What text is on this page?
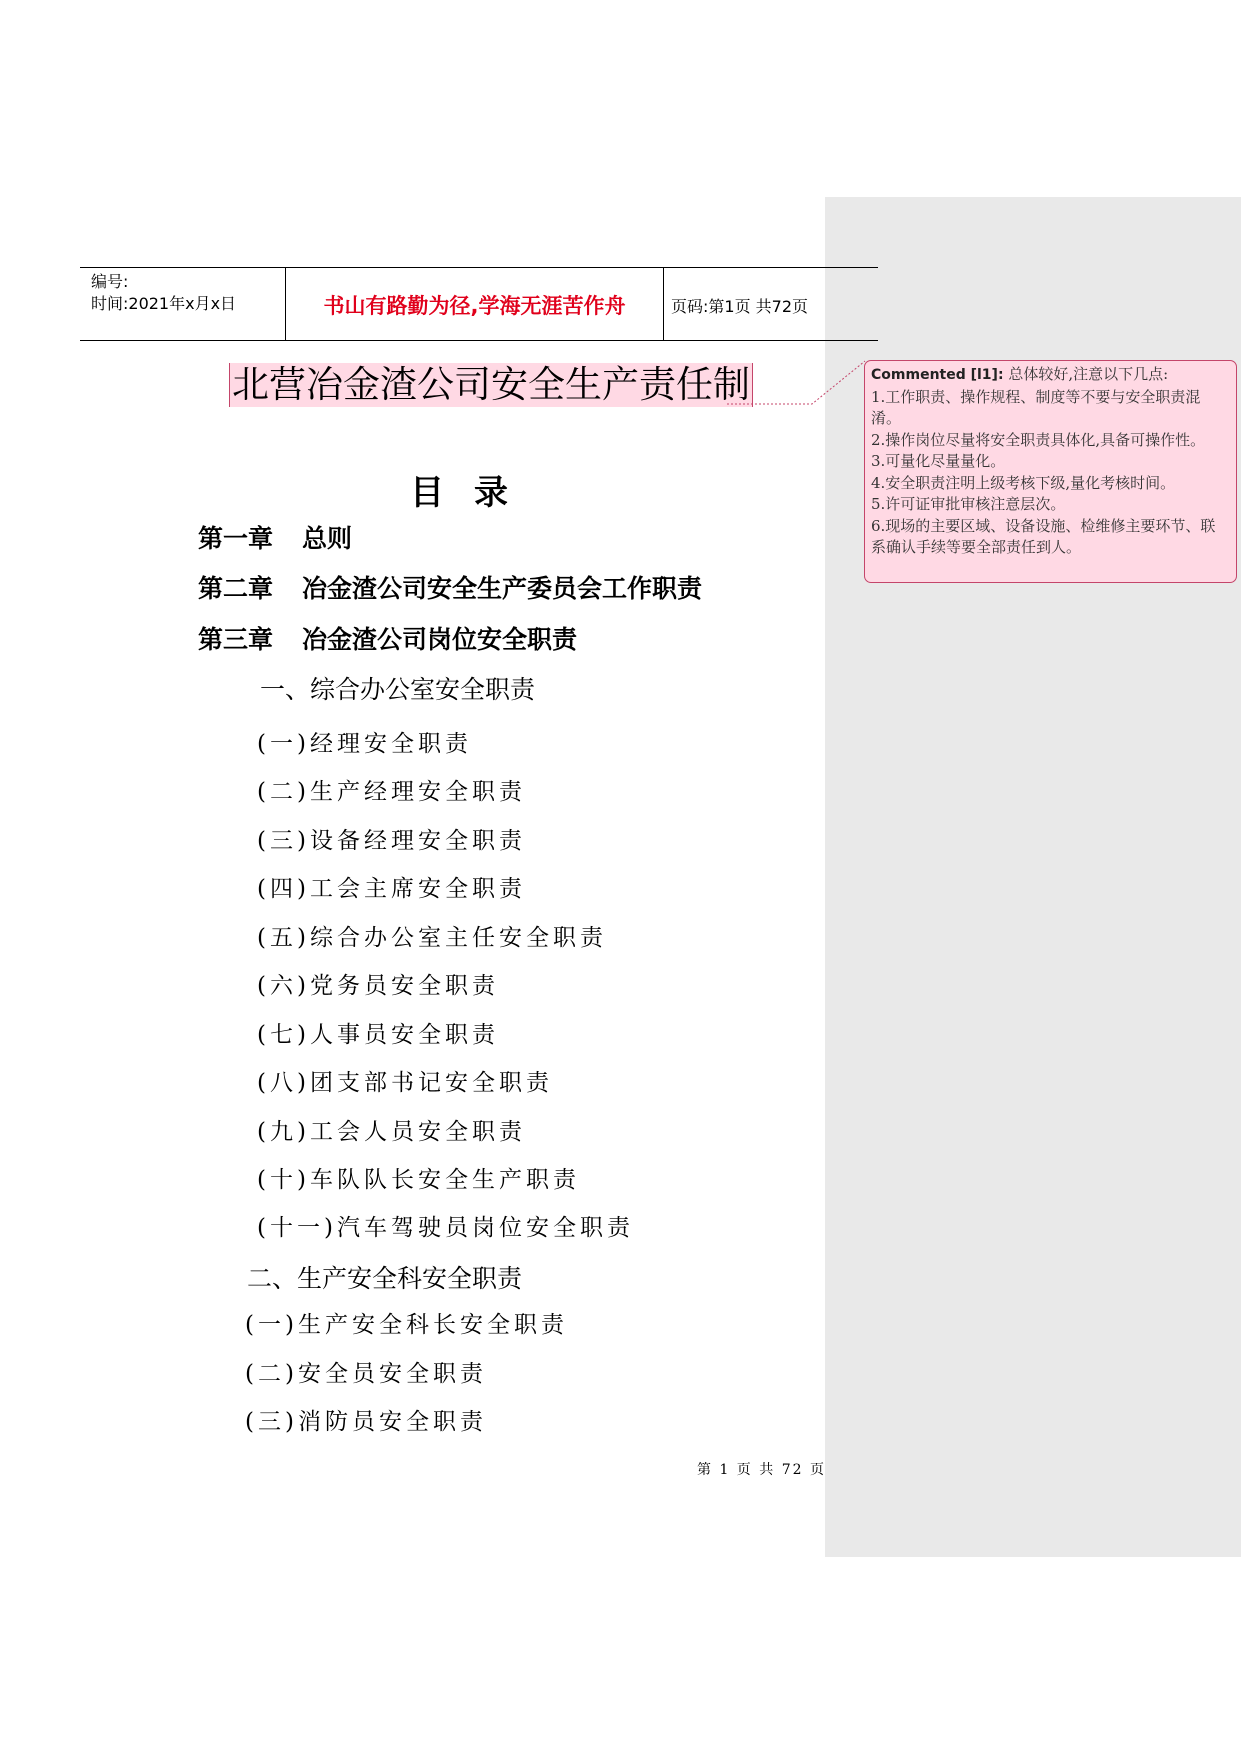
编号:
时间:2021年x月x日	书山有路勤为径,学海无涯苦作舟	页码:第1页 共72页
北营冶金渣公司安全生产责任制	Commented [l1]: 总体较好,注意以下几点:
1.工作职责、操作规程、制度等不要与安全职责混淆。
2.操作岗位尽量将安全职责具体化,具备可操作性。
3.可量化尽量量化。
4.安全职责注明上级考核下级,量化考核时间。
5.许可证审批审核注意层次。
6.现场的主要区域、设备设施、检维修主要环节、联系确认手续等要全部责任到人。
目录
第一章 总则
第二章 冶金渣公司安全生产委员会工作职责
第三章 冶金渣公司岗位安全职责
一、综合办公室安全职责
(一)经理安全职责
(二)生产经理安全职责
(三)设备经理安全职责
(四)工会主席安全职责
(五)综合办公室主任安全职责
(六)党务员安全职责
(七)人事员安全职责
(八)团支部书记安全职责
(九)工会人员安全职责
(十)车队队长安全生产职责
(十一)汽车驾驶员岗位安全职责
二、生产安全科安全职责
(一)生产安全科长安全职责
(二)安全员安全职责
(三)消防员安全职责
第 1 页 共 72 页
